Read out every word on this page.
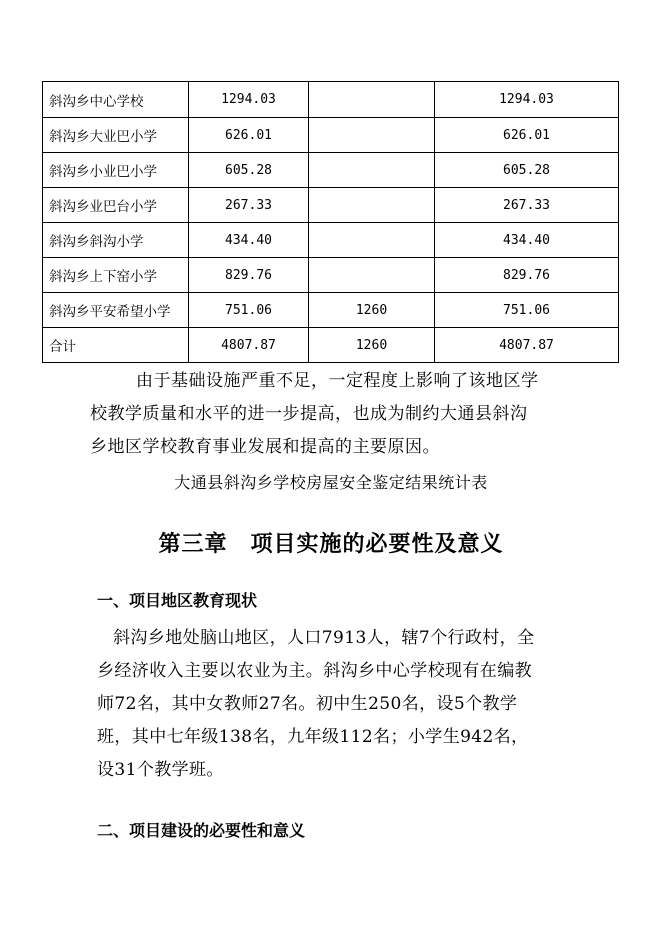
斜沟乡中心学校	1294.03		1294.03
斜沟乡大业巴小学	626.01		626.01
斜沟乡小业巴小学	605.28		605.28
斜沟乡业巴台小学	267.33		267.33
斜沟乡斜沟小学	434.40		434.40
斜沟乡上下窑小学	829.76		829.76
斜沟乡平安希望小学	751.06	1260	751.06
合计	4807.87	1260	4807.87
由于基础设施严重不足，一定程度上影响了该地区学
校教学质量和水平的进一步提高，也成为制约大通县斜沟
乡地区学校教育事业发展和提高的主要原因。
大通县斜沟乡学校房屋安全鉴定结果统计表
第三章　项目实施的必要性及意义
一、项目地区教育现状
斜沟乡地处脑山地区，人口7913人，辖7个行政村，全
乡经济收入主要以农业为主。斜沟乡中心学校现有在编教
师72名，其中女教师27名。初中生250名，设5个教学
班，其中七年级138名，九年级112名；小学生942名，
设31个教学班。
二、项目建设的必要性和意义
